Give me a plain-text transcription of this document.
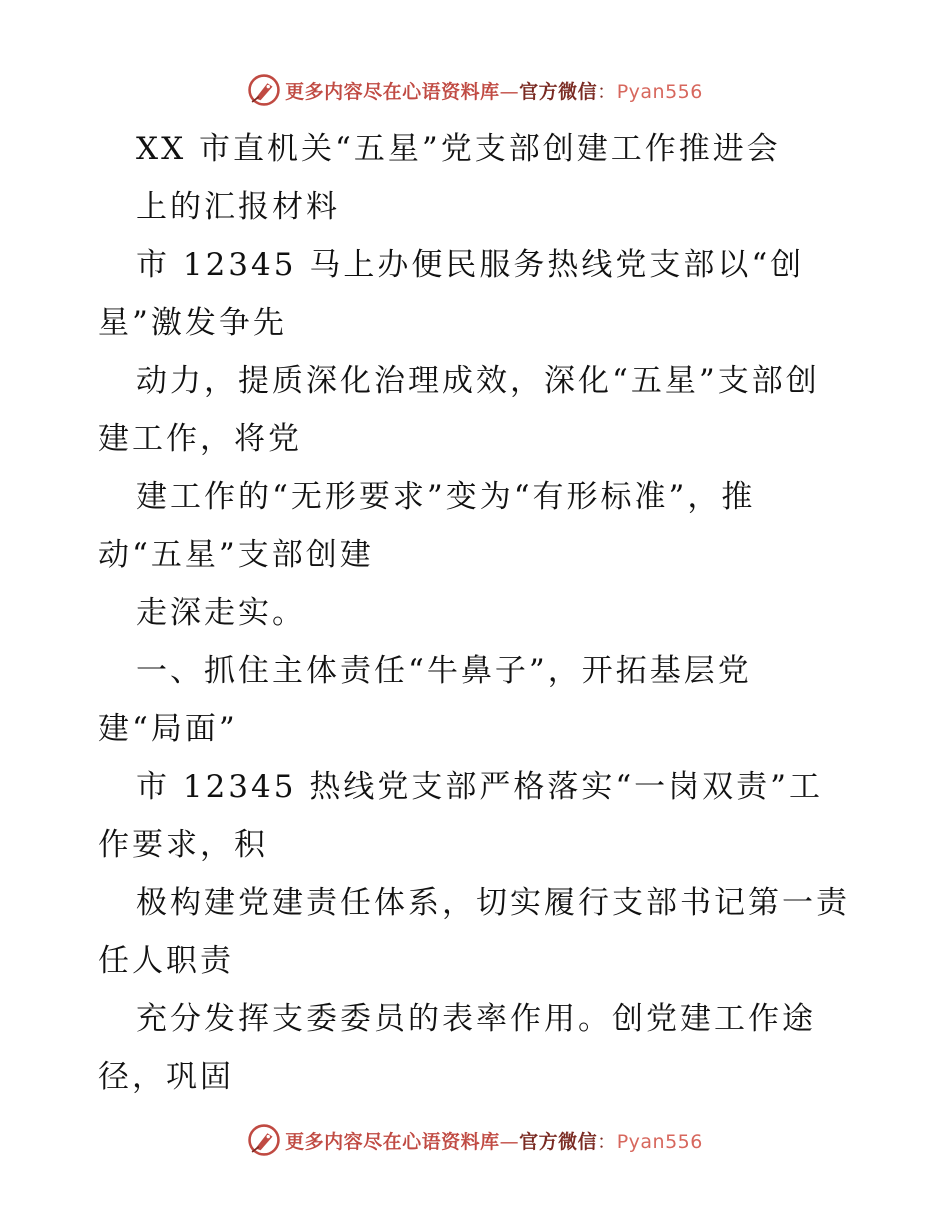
更多内容尽在心语资料库—官方微信：Pyan556
XX 市直机关“五星”党支部创建工作推进会
上的汇报材料
市 12345 马上办便民服务热线党支部以“创
星”激发争先
动力，提质深化治理成效，深化“五星”支部创
建工作，将党
建工作的“无形要求”变为“有形标准”，推
动“五星”支部创建
走深走实。
一、抓住主体责任“牛鼻子”，开拓基层党
建“局面”
市 12345 热线党支部严格落实“一岗双责”工
作要求，积
极构建党建责任体系，切实履行支部书记第一责
任人职责
充分发挥支委委员的表率作用。创党建工作途
径，巩固
更多内容尽在心语资料库—官方微信：Pyan556
